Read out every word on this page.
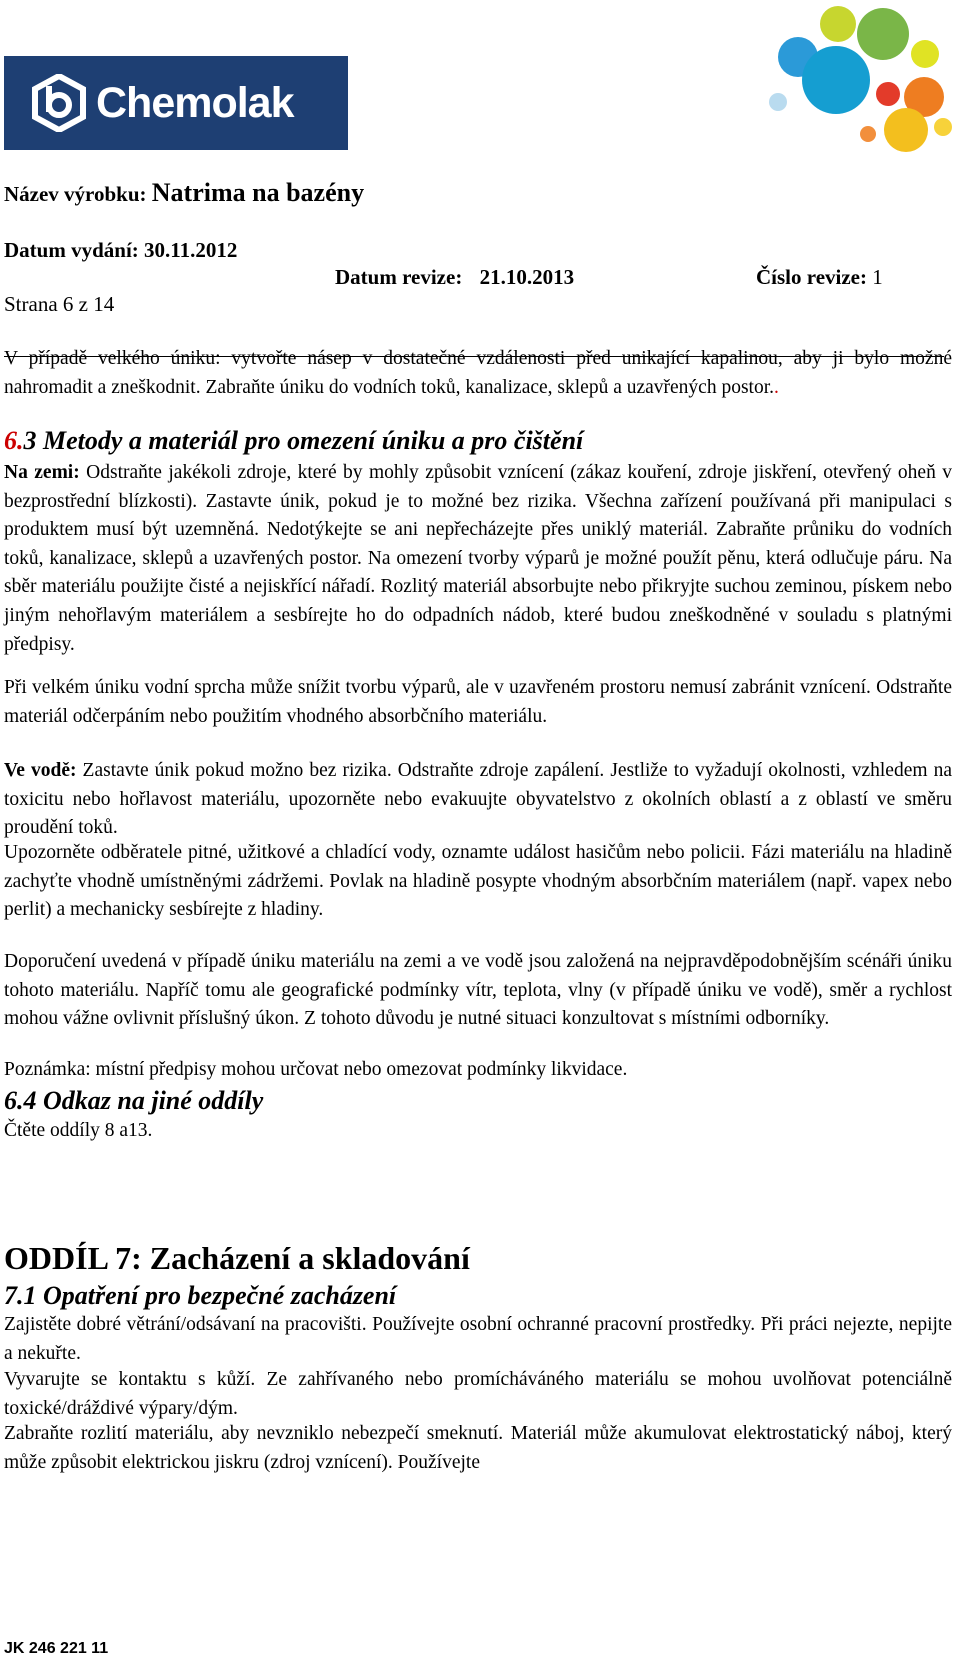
Chemolak
Název výrobku: Natrima na bazény
Datum vydání: 30.11.2012
Datum revize: 21.10.2013	Číslo revize: 1
Strana 6 z 14

V případě velkého úniku: vytvořte násep v dostatečné vzdálenosti před unikající kapalinou, aby ji bylo možné nahromadit a zneškodnit. Zabraňte úniku do vodních toků, kanalizace, sklepů a uzavřených postor..

6.3 Metody a materiál pro omezení úniku a pro čištění

Na zemi: Odstraňte jakékoli zdroje, které by mohly způsobit vznícení (zákaz kouření, zdroje jiskření, otevřený oheň v bezprostřední blízkosti). Zastavte únik, pokud je to možné bez rizika. Všechna zařízení používaná při manipulaci s produktem musí být uzemněná. Nedotýkejte se ani nepřecházejte přes uniklý materiál. Zabraňte průniku do vodních toků, kanalizace, sklepů a uzavřených postor. Na omezení tvorby výparů je možné použít pěnu, která odlučuje páru. Na sběr materiálu použijte čisté a nejiskřící nářadí. Rozlitý materiál absorbujte nebo přikryjte suchou zeminou, pískem nebo jiným nehořlavým materiálem a sesbírejte ho do odpadních nádob, které budou zneškodněné v souladu s platnými předpisy.

Při velkém úniku vodní sprcha může snížit tvorbu výparů, ale v uzavřeném prostoru nemusí zabránit vznícení. Odstraňte materiál odčerpáním nebo použitím vhodného absorbčního materiálu.

Ve vodě: Zastavte únik pokud možno bez rizika. Odstraňte zdroje zapálení. Jestliže to vyžadují okolnosti, vzhledem na toxicitu nebo hořlavost materiálu, upozorněte nebo evakuujte obyvatelstvo z okolních oblastí a z oblastí ve směru proudění toků.

Upozorněte odběratele pitné, užitkové a chladící vody, oznamte událost hasičům nebo policii. Fázi materiálu na hladině zachyťte vhodně umístněnými zádržemi. Povlak na hladině posypte vhodným absorbčním materiálem (např. vapex nebo perlit) a mechanicky sesbírejte z hladiny.

Doporučení uvedená v případě úniku materiálu na zemi a ve vodě jsou založená na nejpravděpodobnějším scénáři úniku tohoto materiálu. Napříč tomu ale geografické podmínky vítr, teplota, vlny (v případě úniku ve vodě), směr a rychlost mohou vážne ovlivnit příslušný úkon. Z tohoto důvodu je nutné situaci konzultovat s místními odborníky.

Poznámka: místní předpisy mohou určovat nebo omezovat podmínky likvidace.

6.4 Odkaz na jiné oddíly

Čtěte oddíly 8 a13.

ODDÍL 7: Zacházení a skladování
7.1 Opatření pro bezpečné zacházení

Zajistěte dobré větrání/odsávaní na pracovišti. Používejte osobní ochranné pracovní prostředky. Při práci nejezte, nepijte a nekuřte.

Vyvarujte se kontaktu s kůží. Ze zahřívaného nebo promícháváného materiálu se mohou uvolňovat potenciálně toxické/dráždivé výpary/dým.

Zabraňte rozlití materiálu, aby nevzniklo nebezpečí smeknutí. Materiál může akumulovat elektrostatický náboj, který může způsobit elektrickou jiskru (zdroj vznícení). Používejte

JK 246 221 11
